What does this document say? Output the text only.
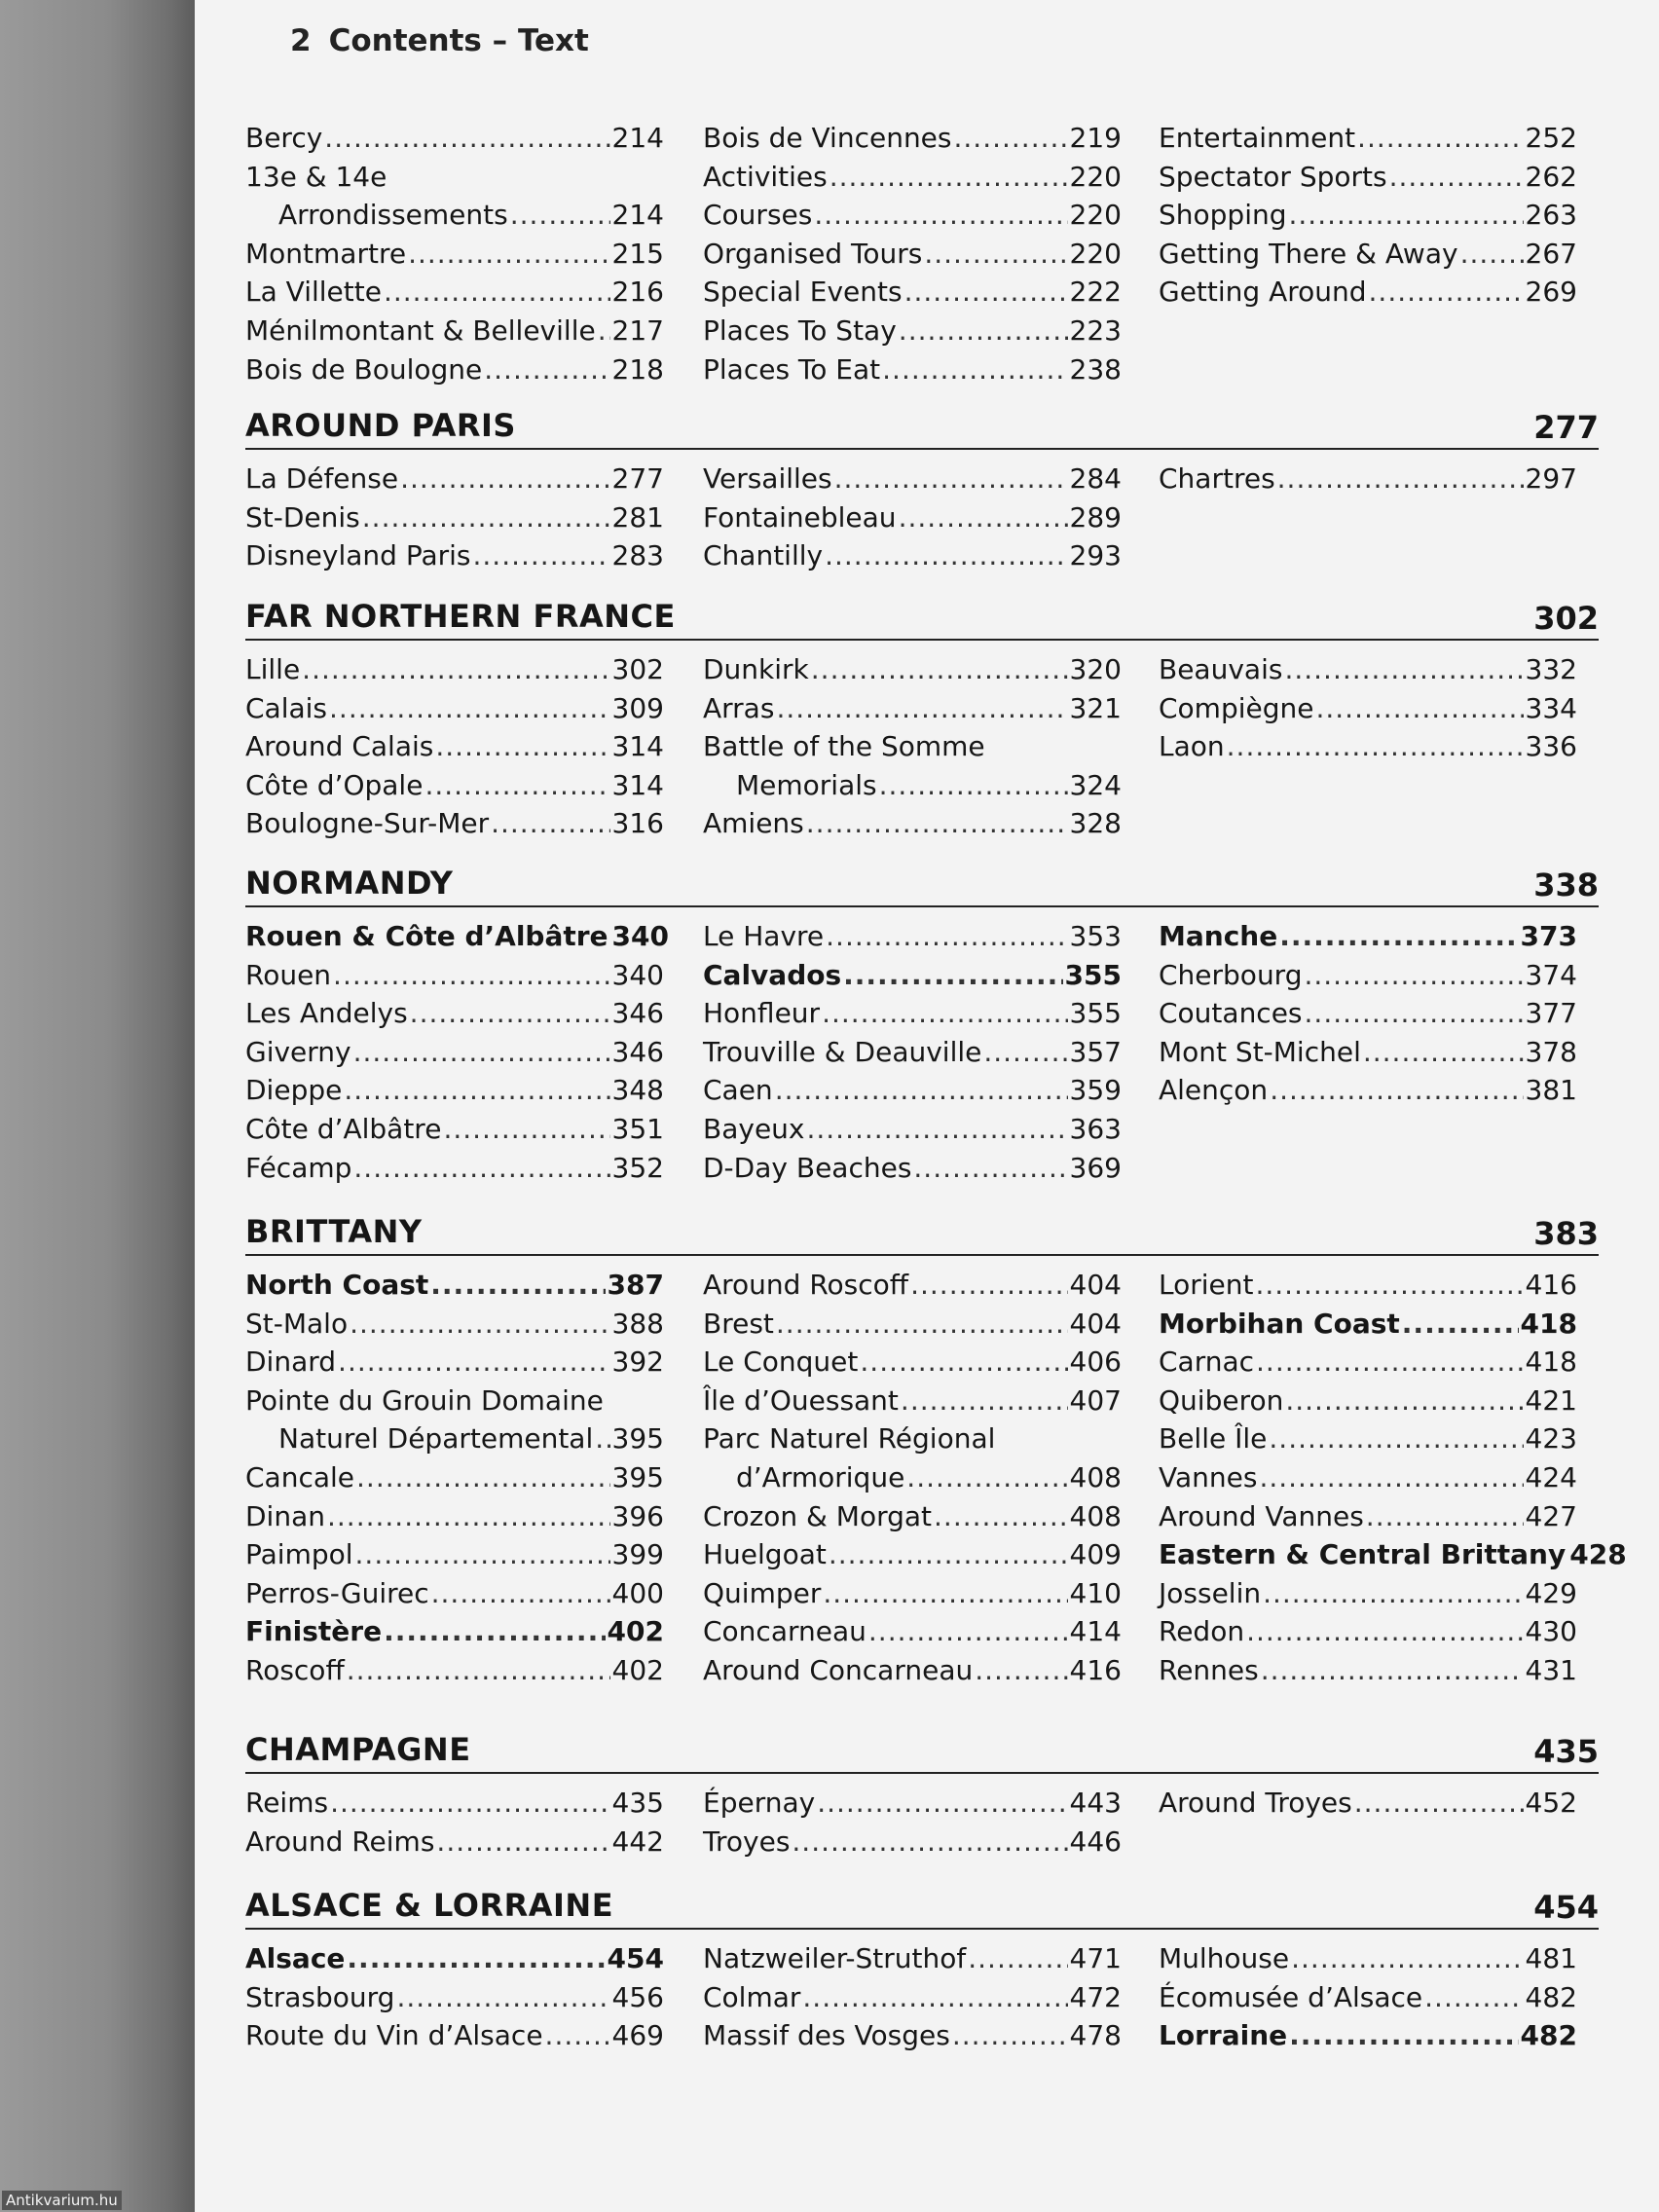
2 Contents – Text
Bercy .....	214
13e & 14e
Arrondissements .....	214
Montmartre .....	215
La Villette .....	216
Ménilmontant & Belleville ..... 217
Bois de Boulogne .....	218
Bois de Vincennes .....	219
Activities .....	220
Courses .....	220
Organised Tours .....	220
Special Events .....	222
Places To Stay .....	223
Places To Eat .....	238
Entertainment .....	252
Spectator Sports .....	262
Shopping .....	263
Getting There & Away ..... 267
Getting Around .....	269
AROUND PARIS	277
La Défense .....	277
St-Denis .....	281
Disneyland Paris .....	283
Versailles .....	284
Fontainebleau .....	289
Chantilly .....	293
Chartres .....	297
FAR NORTHERN FRANCE	302
Lille .....	302
Calais .....	309
Around Calais .....	314
Côte d’Opale .....	314
Boulogne-Sur-Mer .....	316
Dunkirk .....	320
Arras .....	321
Battle of the Somme
Memorials .....	324
Amiens .....	328
Beauvais .....	332
Compiègne .....	334
Laon .....	336
NORMANDY	338
Rouen & Côte d’Albâtre 340
Rouen .....	340
Les Andelys .....	346
Giverny .....	346
Dieppe .....	348
Côte d’Albâtre .....	351
Fécamp .....	352
Le Havre .....	353
Calvados .....	355
Honfleur .....	355
Trouville & Deauville .....	357
Caen .....	359
Bayeux .....	363
D-Day Beaches .....	369
Manche .....	373
Cherbourg .....	374
Coutances .....	377
Mont St-Michel .....	378
Alençon .....	381
BRITTANY	383
North Coast .....	387
St-Malo .....	388
Dinard .....	392
Pointe du Grouin Domaine
Naturel Départemental ..... 395
Cancale .....	395
Dinan .....	396
Paimpol .....	399
Perros-Guirec .....	400
Finistère .....	402
Roscoff .....	402
Around Roscoff .....	404
Brest .....	404
Le Conquet .....	406
Île d’Ouessant .....	407
Parc Naturel Régional
d’Armorique .....	408
Crozon & Morgat .....	408
Huelgoat .....	409
Quimper .....	410
Concarneau .....	414
Around Concarneau .....	416
Lorient .....	416
Morbihan Coast .....	418
Carnac .....	418
Quiberon .....	421
Belle Île .....	423
Vannes .....	424
Around Vannes .....	427
Eastern & Central Brittany 428
Josselin .....	429
Redon .....	430
Rennes .....	431
CHAMPAGNE	435
Reims .....	435
Around Reims .....	442
Épernay .....	443
Troyes .....	446
Around Troyes .....	452
ALSACE & LORRAINE	454
Alsace .....	454
Strasbourg .....	456
Route du Vin d’Alsace .....	469
Natzweiler-Struthof .....	471
Colmar .....	472
Massif des Vosges .....	478
Mulhouse .....	481
Écomusée d’Alsace .....	482
Lorraine .....	482
Antikvarium.hu
